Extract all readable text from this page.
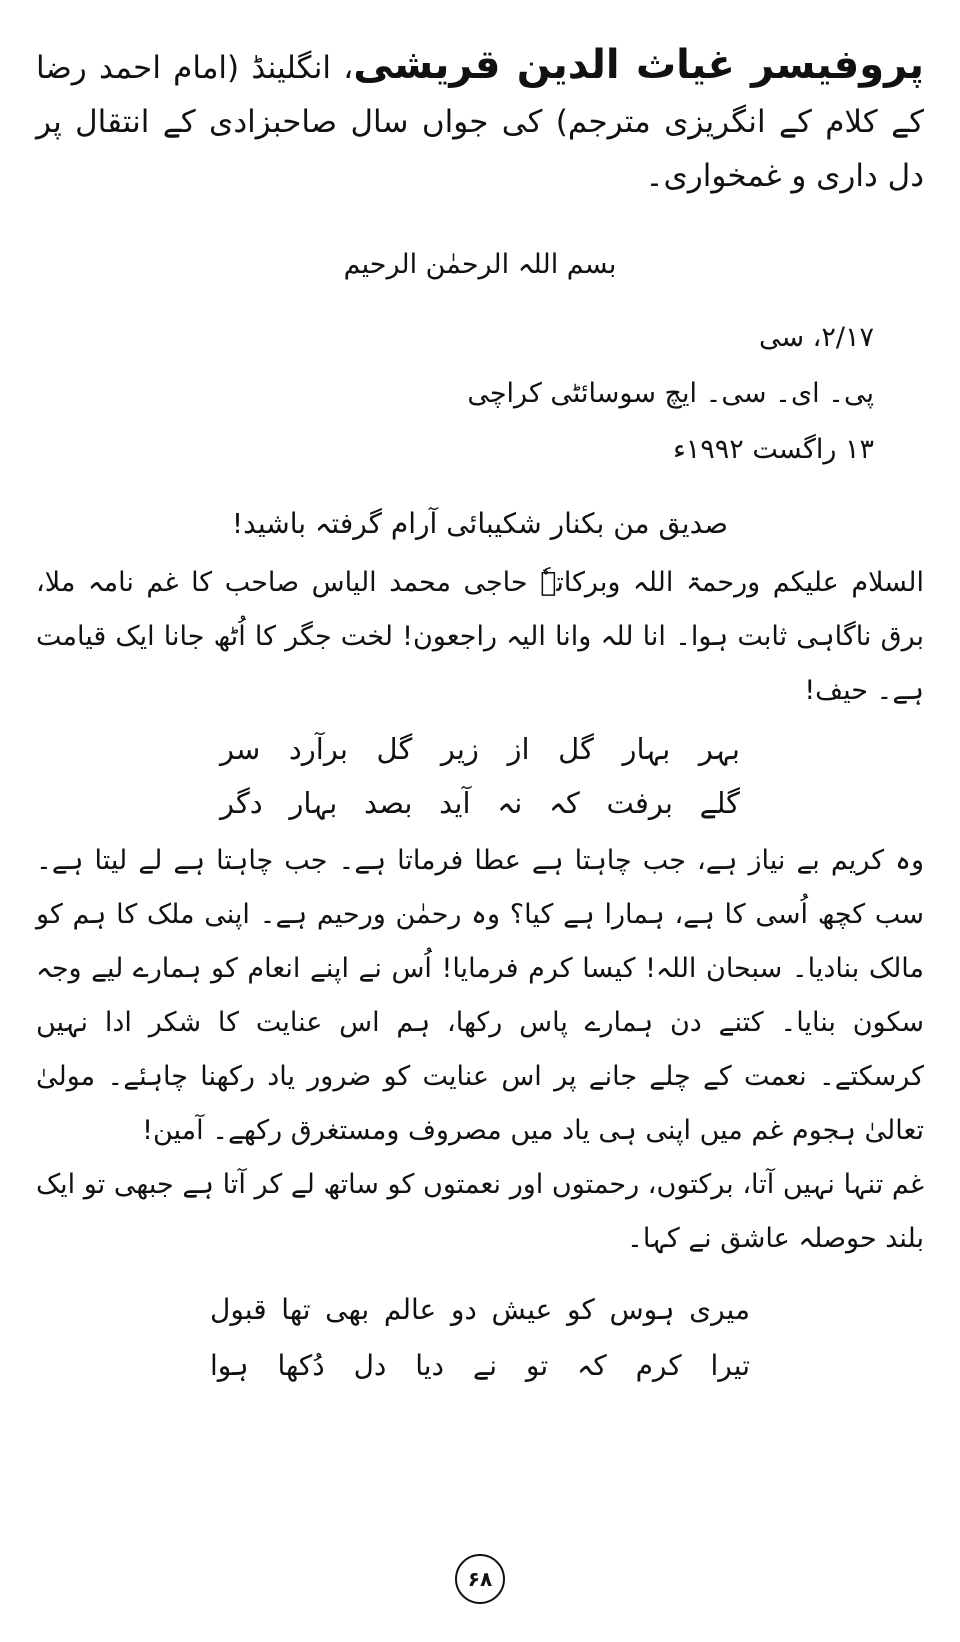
پروفیسر غیاث الدین قریشی، انگلینڈ (امام احمد رضا کے کلام کے انگریزی مترجم) کی جواں سال صاحبزادی کے انتقال پر دل داری و غمخواری۔

بسم اللہ الرحمٰن الرحیم
۲/۱۷، سی
پی۔ ای۔ سی۔ ایچ سوسائٹی کراچی
۱۳ راگست ۱۹۹۲ء
صدیق من بکنار شکیبائی آرام گرفتہ باشید!

السلام علیکم ورحمۃ اللہ وبرکاتہٗ حاجی محمد الیاس صاحب کا غم نامہ ملا، برق ناگاہی ثابت ہوا۔ انا للہ وانا الیہ راجعون! لخت جگر کا اُٹھ جانا ایک قیامت ہے۔ حیف!

بہر بہار گل از زیر گل برآرد سر
گلے برفت کہ نہ آید بصد بہار دگر

وہ کریم بے نیاز ہے، جب چاہتا ہے عطا فرماتا ہے۔ جب چاہتا ہے لے لیتا ہے۔ سب کچھ اُسی کا ہے، ہمارا ہے کیا؟ وہ رحمٰن ورحیم ہے۔ اپنی ملک کا ہم کو مالک بنادیا۔ سبحان اللہ! کیسا کرم فرمایا! اُس نے اپنے انعام کو ہمارے لیے وجہ سکون بنایا۔ کتنے دن ہمارے پاس رکھا، ہم اس عنایت کا شکر ادا نہیں کرسکتے۔ نعمت کے چلے جانے پر اس عنایت کو ضرور یاد رکھنا چاہئے۔ مولیٰ تعالیٰ ہجوم غم میں اپنی ہی یاد میں مصروف ومستغرق رکھے۔ آمین!

غم تنہا نہیں آتا، برکتوں، رحمتوں اور نعمتوں کو ساتھ لے کر آتا ہے جبھی تو ایک بلند حوصلہ عاشق نے کہا۔

میری ہوس کو عیش دو عالم بھی تھا قبول
تیرا کرم کہ تو نے دیا دل دُکھا ہوا
۶۸
